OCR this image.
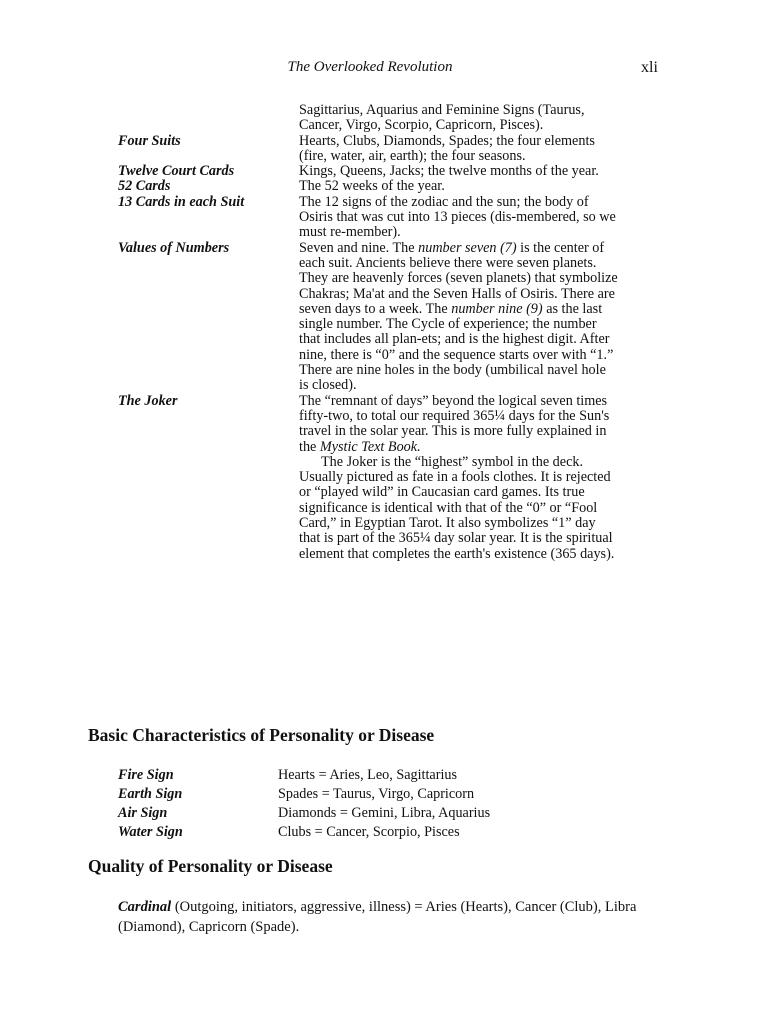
The Overlooked Revolution	xli

Sagittarius, Aquarius and Feminine Signs (Taurus, Cancer, Virgo, Scorpio, Capricorn, Pisces).

Four Suits	Hearts, Clubs, Diamonds, Spades; the four elements (fire, water, air, earth); the four seasons.

Twelve Court Cards	Kings, Queens, Jacks; the twelve months of the year.

52 Cards	The 52 weeks of the year.

13 Cards in each Suit	The 12 signs of the zodiac and the sun; the body of Osiris that was cut into 13 pieces (dis-membered, so we must re-member).

Values of Numbers	Seven and nine. The number seven (7) is the center of each suit. Ancients believe there were seven planets. They are heavenly forces (seven planets) that symbolize Chakras; Ma'at and the Seven Halls of Osiris. There are seven days to a week. The number nine (9) as the last single number. The Cycle of experience; the number that includes all plan-ets; and is the highest digit. After nine, there is “0” and the sequence starts over with “1.” There are nine holes in the body (umbilical navel hole is closed).

The Joker	The “remnant of days” beyond the logical seven times fifty-two, to total our required 365¼ days for the Sun's travel in the solar year. This is more fully explained in the Mystic Text Book.

The Joker is the “highest” symbol in the deck. Usually pictured as fate in a fools clothes. It is rejected or “played wild” in Caucasian card games. Its true significance is identical with that of the “0” or “Fool Card,” in Egyptian Tarot. It also symbolizes “1” day that is part of the 365¼ day solar year. It is the spiritual element that completes the earth's existence (365 days).

Basic Characteristics of Personality or Disease
Fire Sign	Hearts = Aries, Leo, Sagittarius
Earth Sign	Spades = Taurus, Virgo, Capricorn
Air Sign	Diamonds = Gemini, Libra, Aquarius
Water Sign	Clubs = Cancer, Scorpio, Pisces
Quality of Personality or Disease

Cardinal (Outgoing, initiators, aggressive, illness) = Aries (Hearts), Cancer (Club), Libra (Diamond), Capricorn (Spade).
